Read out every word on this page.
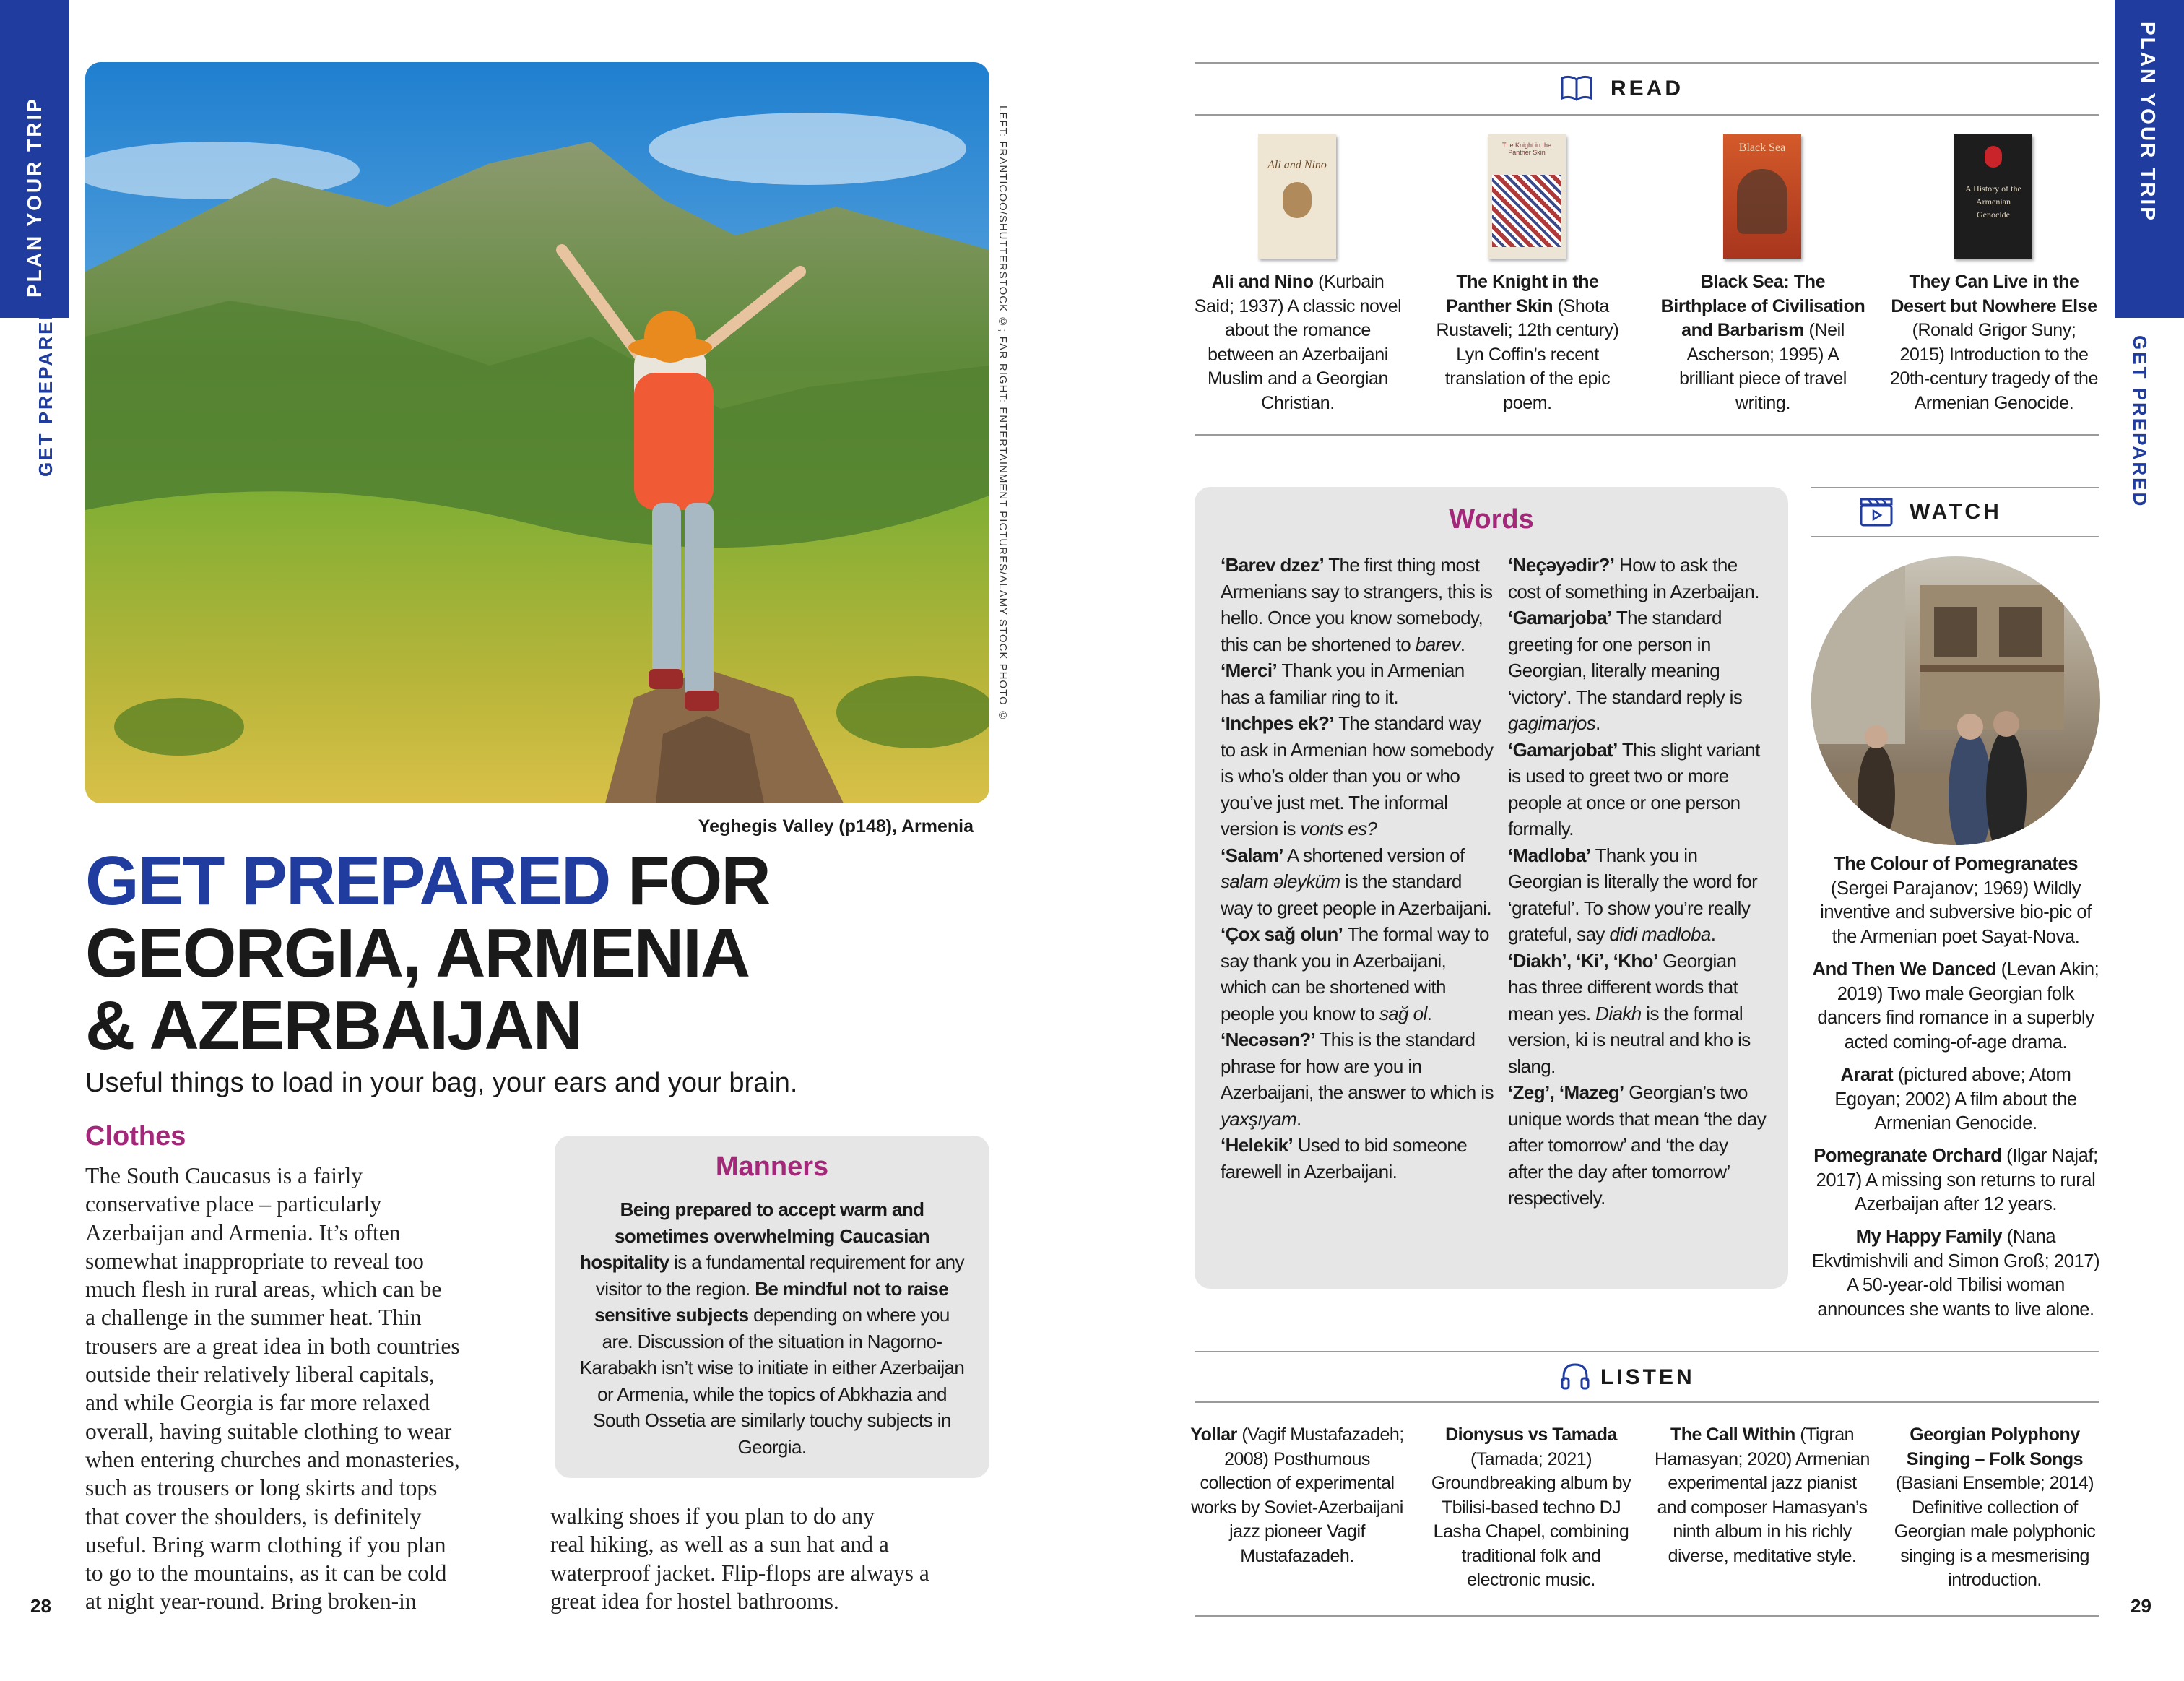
PLAN YOUR TRIP
GET PREPARED
28
LEFT: FRANTICOO/SHUTTERSTOCK ©; FAR RIGHT: ENTERTAINMENT PICTURES/ALAMY STOCK PHOTO ©
Yeghegis Valley (p148), Armenia
GET PREPARED FOR
GEORGIA, ARMENIA
& AZERBAIJAN
Useful things to load in your bag, your ears and your brain.
Clothes
The South Caucasus is a fairly
conservative place – particularly
Azerbaijan and Armenia. It’s often
somewhat inappropriate to reveal too
much flesh in rural areas, which can be
a challenge in the summer heat. Thin
trousers are a great idea in both countries
outside their relatively liberal capitals,
and while Georgia is far more relaxed
overall, having suitable clothing to wear
when entering churches and monasteries,
such as trousers or long skirts and tops
that cover the shoulders, is definitely
useful. Bring warm clothing if you plan
to go to the mountains, as it can be cold
at night year-round. Bring broken-in
walking shoes if you plan to do any
real hiking, as well as a sun hat and a
waterproof jacket. Flip-flops are always a
great idea for hostel bathrooms.
Manners
Being prepared to accept warm and sometimes overwhelming Caucasian hospitality is a fundamental requirement for any visitor to the region. Be mindful not to raise sensitive subjects depending on where you are. Discussion of the situation in Nagorno-Karabakh isn’t wise to initiate in either Azerbaijan or Armenia, while the topics of Abkhazia and South Ossetia are similarly touchy subjects in Georgia.
PLAN YOUR TRIP
GET PREPARED
29
READ
Ali and Nino
The Knight in the Panther Skin	Black Sea
A History of the Armenian Genocide
Ali and Nino (Kurbain Said; 1937) A classic novel about the romance between an Azerbaijani Muslim and a Georgian Christian.
The Knight in the Panther Skin (Shota Rustaveli; 12th century) Lyn Coffin’s recent translation of the epic poem.
Black Sea: The Birthplace of Civilisation and Barbarism (Neil Ascherson; 1995) A brilliant piece of travel writing.
They Can Live in the Desert but Nowhere Else (Ronald Grigor Suny; 2015) Introduction to the 20th-century tragedy of the Armenian Genocide.
Words
‘Barev dzez’ The first thing most Armenians say to strangers, this is hello. Once you know somebody, this can be shortened to barev.
‘Merci’ Thank you in Armenian has a familiar ring to it.
‘Inchpes ek?’ The standard way to ask in Armenian how somebody is who’s older than you or who you’ve just met. The informal version is vonts es?
‘Salam’ A shortened version of salam əleyküm is the standard way to greet people in Azerbaijani.
‘Çox sağ olun’ The formal way to say thank you in Azerbaijani, which can be shortened with people you know to sağ ol.
‘Necəsən?’ This is the standard phrase for how are you in Azerbaijani, the answer to which is yaxşıyam.
‘Helekik’ Used to bid someone farewell in Azerbaijani.
‘Neçəyədir?’ How to ask the cost of something in Azerbaijan.
‘Gamarjoba’ The standard greeting for one person in Georgian, literally meaning ‘victory’. The standard reply is gagimarjos.
‘Gamarjobat’ This slight variant is used to greet two or more people at once or one person formally.
‘Madloba’ Thank you in Georgian is literally the word for ‘grateful’. To show you’re really grateful, say didi madloba.
‘Diakh’, ‘Ki’, ‘Kho’ Georgian has three different words that mean yes. Diakh is the formal version, ki is neutral and kho is slang.
‘Zeg’, ‘Mazeg’ Georgian’s two unique words that mean ‘the day after tomorrow’ and ‘the day after the day after tomorrow’ respectively.
WATCH
The Colour of Pomegranates (Sergei Parajanov; 1969) Wildly inventive and subversive bio-pic of the Armenian poet Sayat-Nova.
And Then We Danced (Levan Akin; 2019) Two male Georgian folk dancers find romance in a superbly acted coming-of-age drama.
Ararat (pictured above; Atom Egoyan; 2002) A film about the Armenian Genocide.
Pomegranate Orchard (Ilgar Najaf; 2017) A missing son returns to rural Azerbaijan after 12 years.
My Happy Family (Nana Ekvtimishvili and Simon Groß; 2017) A 50-year-old Tbilisi woman announces she wants to live alone.
LISTEN
Yollar (Vagif Mustafazadeh; 2008) Posthumous collection of experimental works by Soviet-Azerbaijani jazz pioneer Vagif Mustafazadeh.
Dionysus vs Tamada (Tamada; 2021) Groundbreaking album by Tbilisi-based techno DJ Lasha Chapel, combining traditional folk and electronic music.
The Call Within (Tigran Hamasyan; 2020) Armenian experimental jazz pianist and composer Hamasyan’s ninth album in his richly diverse, meditative style.
Georgian Polyphony Singing – Folk Songs (Basiani Ensemble; 2014) Definitive collection of Georgian male polyphonic singing is a mesmerising introduction.
